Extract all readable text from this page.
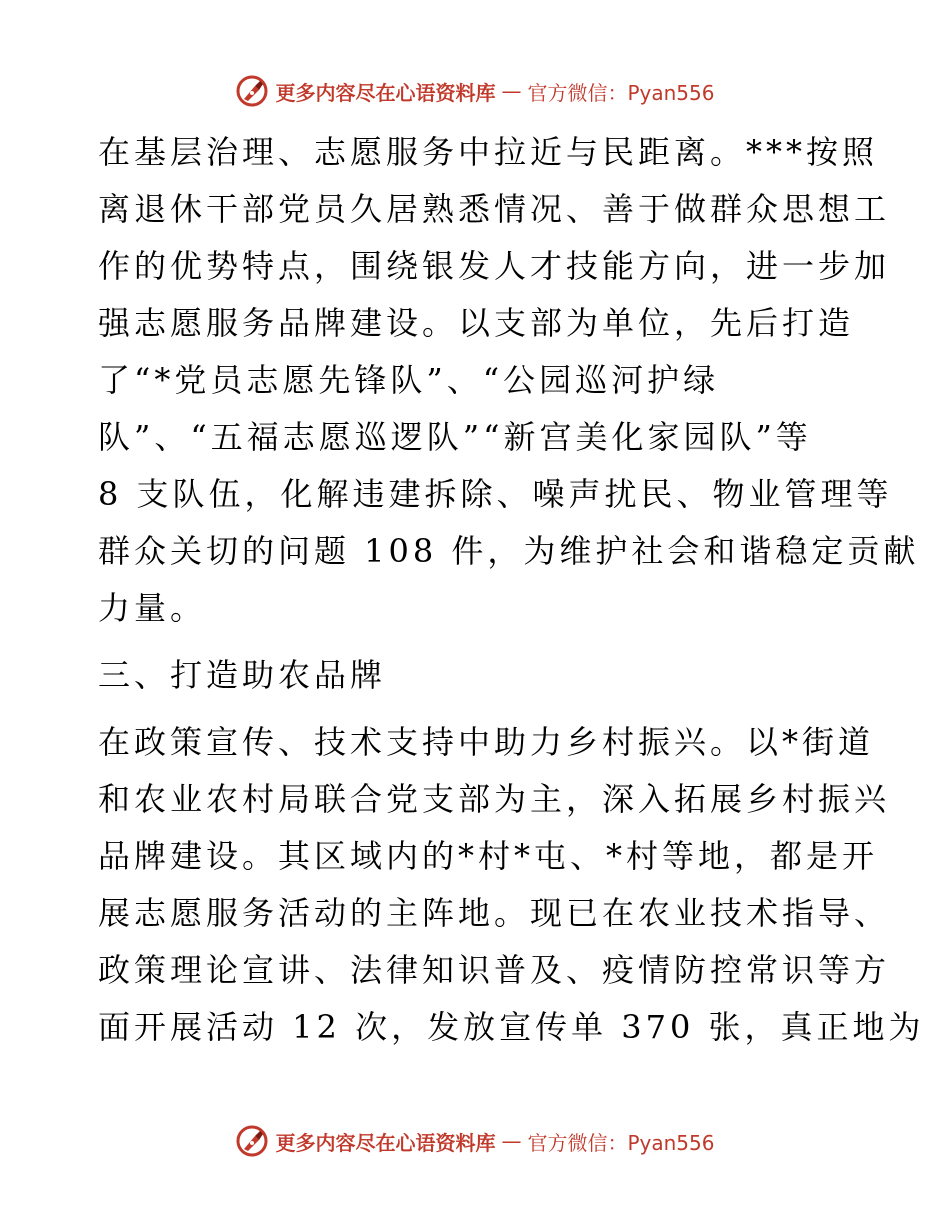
更多内容尽在心语资料库 — 官方微信：Pyan556
在基层治理、志愿服务中拉近与民距离。***按照
离退休干部党员久居熟悉情况、善于做群众思想工
作的优势特点，围绕银发人才技能方向，进一步加
强志愿服务品牌建设。以支部为单位，先后打造
了“*党员志愿先锋队”、“公园巡河护绿
队”、“五福志愿巡逻队”“新宫美化家园队”等
8 支队伍，化解违建拆除、噪声扰民、物业管理等
群众关切的问题 108 件，为维护社会和谐稳定贡献
力量。
三、打造助农品牌
在政策宣传、技术支持中助力乡村振兴。以*街道
和农业农村局联合党支部为主，深入拓展乡村振兴
品牌建设。其区域内的*村*屯、*村等地，都是开
展志愿服务活动的主阵地。现已在农业技术指导、
政策理论宣讲、法律知识普及、疫情防控常识等方
面开展活动 12 次，发放宣传单 370 张，真正地为
更多内容尽在心语资料库 — 官方微信：Pyan556
